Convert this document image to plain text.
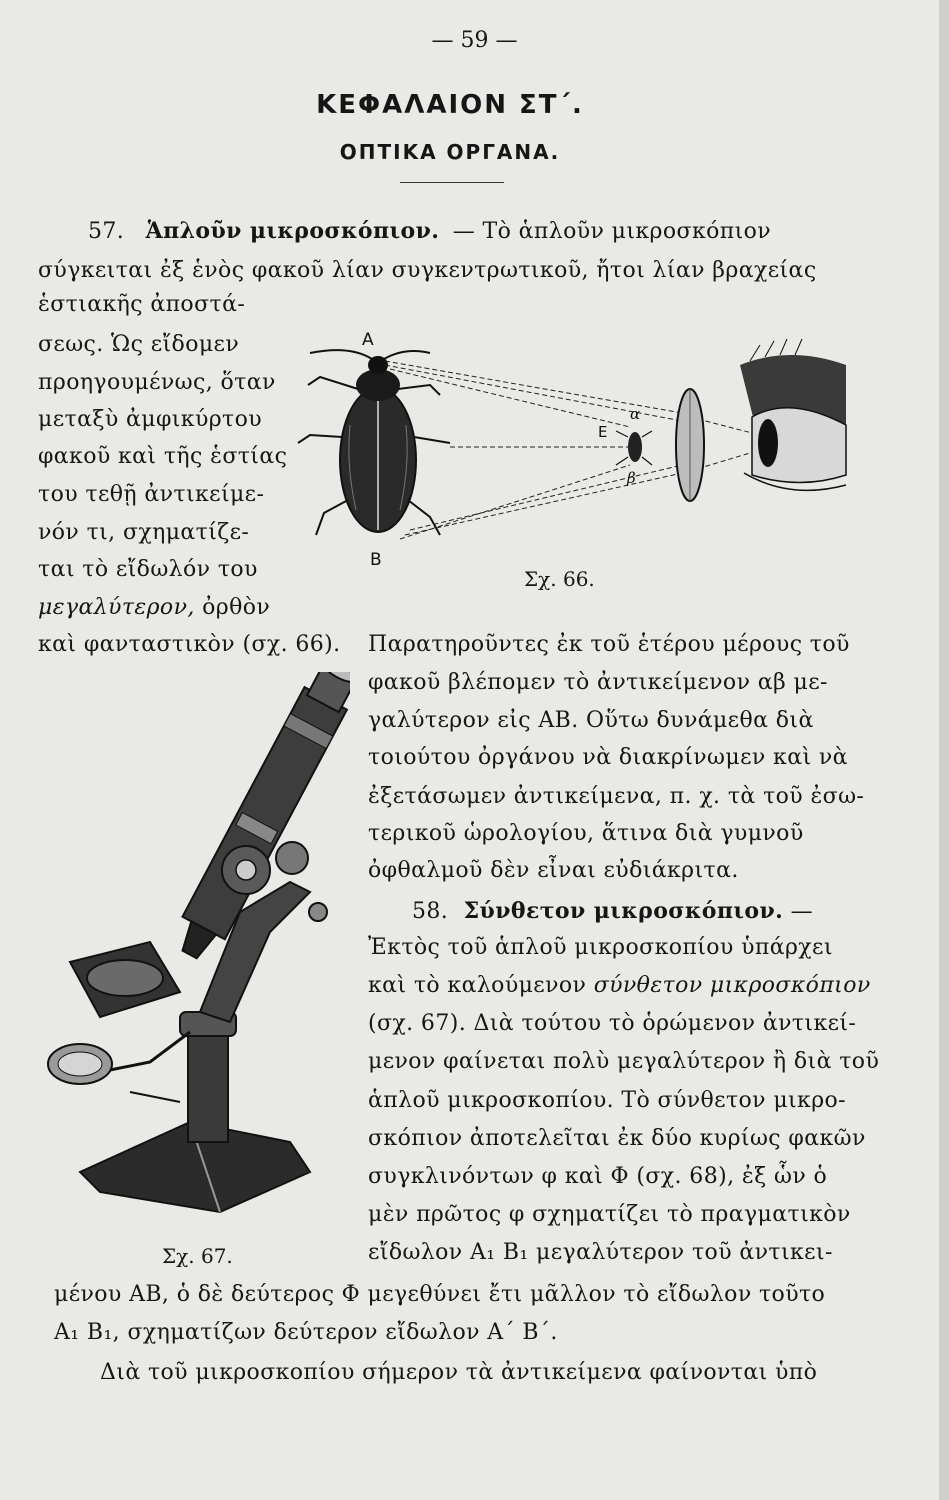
— 59 —
ΚΕΦΑΛΑΙΟΝ ΣΤ΄.
ΟΠΤΙΚΑ ΟΡΓΑΝΑ.
57. Ἁπλοῦν μικροσκόπιον. — Τὸ ἁπλοῦν μικροσκόπιον
σύγκειται ἐξ ἑνὸς φακοῦ λίαν συγκεντρωτικοῦ, ἤτοι λίαν βραχείας
ἑστιακῆς ἀποστά-
σεως. Ὡς εἴδομεν
προηγουμένως, ὅταν
μεταξὺ ἀμφικύρτου
φακοῦ καὶ τῆς ἑστίας
του τεθῇ ἀντικείμε-
νόν τι, σχηματίζε-
ται τὸ εἴδωλόν του
μεγαλύτερον, ὀρθὸν
καὶ φανταστικὸν (σχ. 66). Παρατηροῦντες ἐκ τοῦ ἑτέρου μέρους τοῦ
A
B
E
α
β
Σχ. 66.
φακοῦ βλέπομεν τὸ ἀντικείμενον αβ με-
γαλύτερον εἰς ΑΒ. Οὕτω δυνάμεθα διὰ
τοιούτου ὀργάνου νὰ διακρίνωμεν καὶ νὰ
ἐξετάσωμεν ἀντικείμενα, π. χ. τὰ τοῦ ἐσω-
τερικοῦ ὡρολογίου, ἅτινα διὰ γυμνοῦ
ὀφθαλμοῦ δὲν εἶναι εὐδιάκριτα.
58. Σύνθετον μικροσκόπιον. —
Ἐκτὸς τοῦ ἁπλοῦ μικροσκοπίου ὑπάρχει
καὶ τὸ καλούμενον σύνθετον μικροσκόπιον
(σχ. 67). Διὰ τούτου τὸ ὁρώμενον ἀντικεί-
μενον φαίνεται πολὺ μεγαλύτερον ἢ διὰ τοῦ
ἁπλοῦ μικροσκοπίου. Τὸ σύνθετον μικρο-
σκόπιον ἀποτελεῖται ἐκ δύο κυρίως φακῶν
συγκλινόντων φ καὶ Φ (σχ. 68), ἐξ ὧν ὁ
μὲν πρῶτος φ σχηματίζει τὸ πραγματικὸν
εἴδωλον Α₁ Β₁ μεγαλύτερον τοῦ ἀντικει-
Σχ. 67.
μένου ΑΒ, ὁ δὲ δεύτερος Φ μεγεθύνει ἔτι μᾶλλον τὸ εἴδωλον τοῦτο
Α₁ Β₁, σχηματίζων δεύτερον εἴδωλον Α΄ Β΄.
Διὰ τοῦ μικροσκοπίου σήμερον τὰ ἀντικείμενα φαίνονται ὑπὸ
